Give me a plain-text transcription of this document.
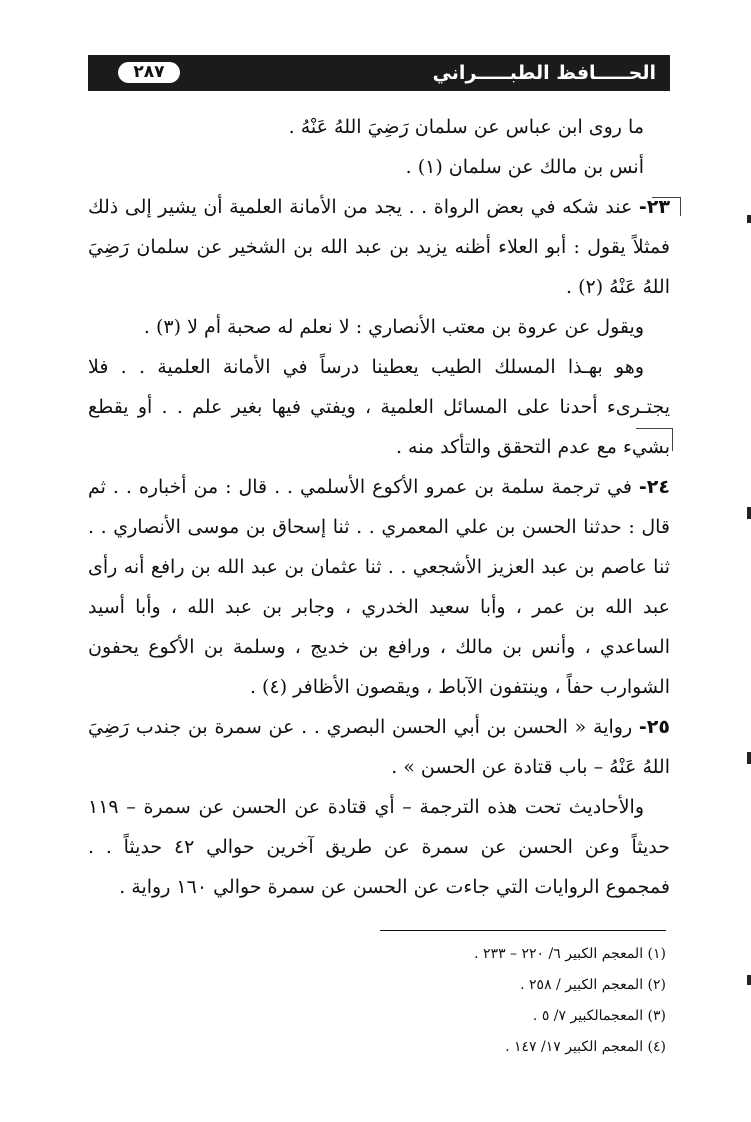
٢٨٧	الحـــــافظ الطبـــــراني

ما روى ابن عباس عن سلمان رَضِيَ اللهُ عَنْهُ .

أنس بن مالك عن سلمان (١) .

٢٣- عند شكه في بعض الرواة . . يجد من الأمانة العلمية أن يشير إلى ذلك فمثلاً يقول : أبو العلاء أظنه يزيد بن عبد الله بن الشخير عن سلمان رَضِيَ اللهُ عَنْهُ (٢) .

ويقول عن عروة بن معتب الأنصاري : لا نعلم له صحبة أم لا (٣) .

وهو بهـذا المسلك الطيب يعطينا درساً في الأمانة العلمية . . فلا يجتـرىء أحدنا على المسائل العلمية ، ويفتي فيها بغير علم . . أو يقطع بشيء مع عدم التحقق والتأكد منه .

٢٤- في ترجمة سلمة بن عمرو الأكوع الأسلمي . . قال : من أخباره . . ثم قال : حدثنا الحسن بن علي المعمري . . ثنا إسحاق بن موسى الأنصاري . . ثنا عاصم بن عبد العزيز الأشجعي . . ثنا عثمان بن عبد الله بن رافع أنه رأى عبد الله بن عمر ، وأبا سعيد الخدري ، وجابر بن عبد الله ، وأبا أسيد الساعدي ، وأنس بن مالك ، ورافع بن خديج ، وسلمة بن الأكوع يحفون الشوارب حفاً ، وينتفون الآباط ، ويقصون الأظافر (٤) .

٢٥- رواية « الحسن بن أبي الحسن البصري . . عن سمرة بن جندب رَضِيَ اللهُ عَنْهُ – باب قتادة عن الحسن » .

والأحاديث تحت هذه الترجمة – أي قتادة عن الحسن عن سمرة – ١١٩ حديثاً وعن الحسن عن سمرة عن طريق آخرين حوالي ٤٢ حديثاً . . فمجموع الروايات التي جاءت عن الحسن عن سمرة حوالي ١٦٠ رواية .

(١) المعجم الكبير ٦/ ٢٢٠ – ٢٣٣ .

(٢) المعجم الكبير / ٢٥٨ .

(٣) المعجمالكبير ٧/ ٥ .

(٤) المعجم الكبير ١٧/ ١٤٧ .
